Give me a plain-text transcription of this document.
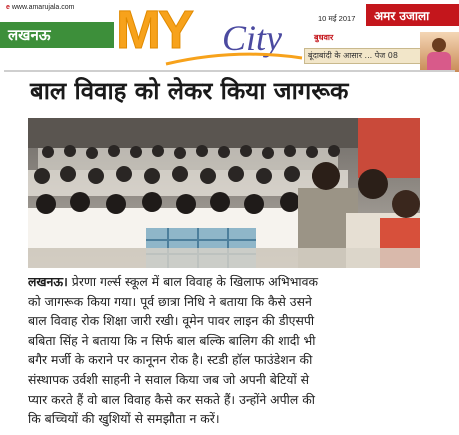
e www.amarujala.com
लखनऊ MY City	10 मई 2017 अमर उजाला
बुधवार
बूंदाबांदी के आसार ... पेज 08
बाल विवाह को लेकर किया जागरूक
लखनऊ। प्रेरणा गर्ल्स स्कूल में बाल विवाह के खिलाफ अभिभावक
को जागरूक किया गया। पूर्व छात्रा निधि ने बताया कि कैसे उसने
बाल विवाह रोक शिक्षा जारी रखी। वूमेन पावर लाइन की डीएसपी
बबिता सिंह ने बताया कि न सिर्फ बाल बल्कि बालिग की शादी भी
बगैर मर्जी के कराने पर कानूनन रोक है। स्टडी हॉल फाउंडेशन की
संस्थापक उर्वशी साहनी ने सवाल किया जब जो अपनी बेटियों से
प्यार करते हैं वो बाल विवाह कैसे कर सकते हैं। उन्होंने अपील की
कि बच्चियों की खुशियों से समझौता न करें।
